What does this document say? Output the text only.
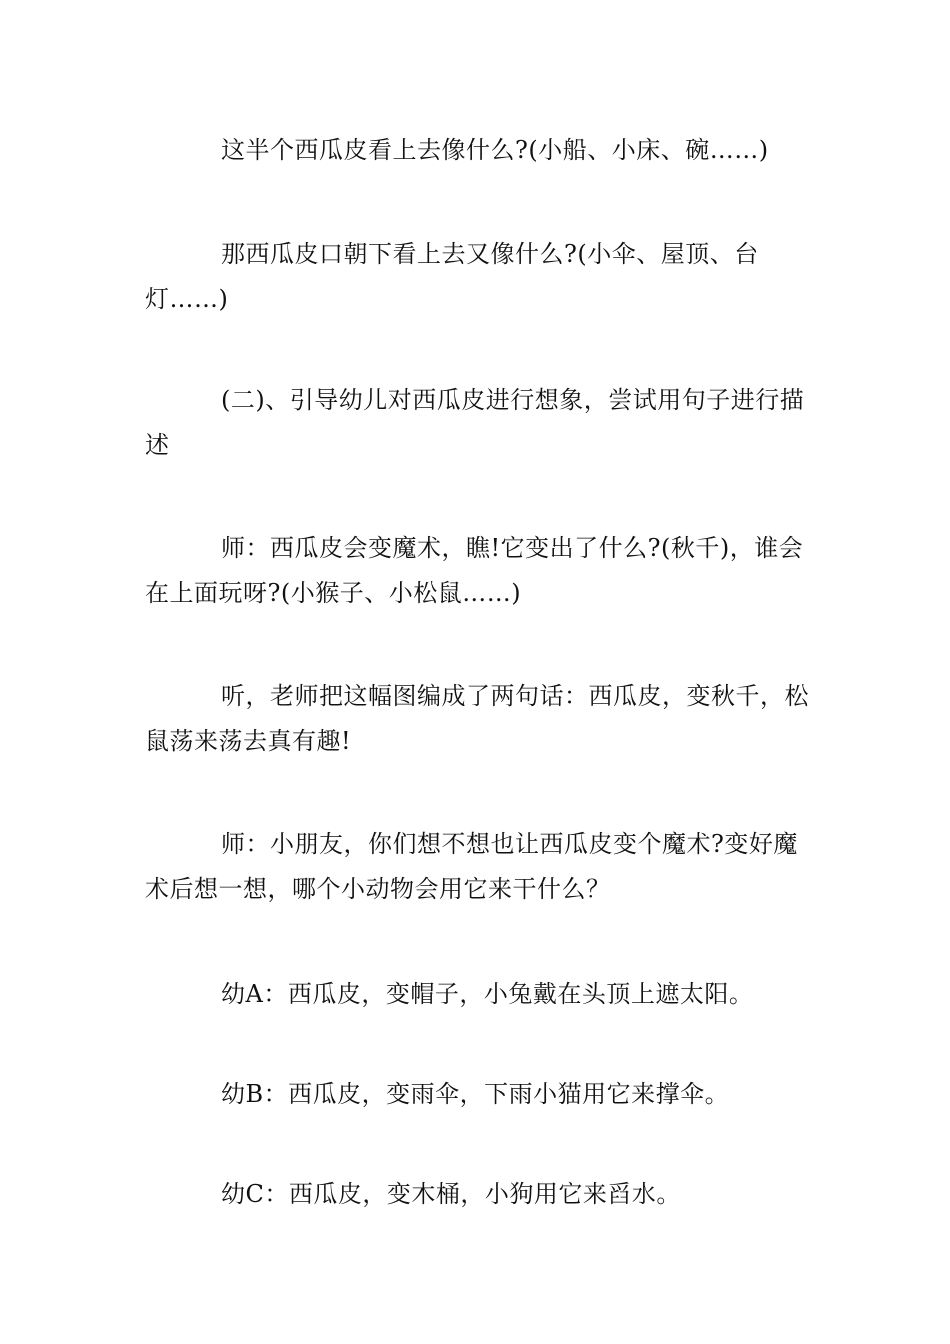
这半个西瓜皮看上去像什么?(小船、小床、碗……)

那西瓜皮口朝下看上去又像什么?(小伞、屋顶、台灯……)

(二)、引导幼儿对西瓜皮进行想象，尝试用句子进行描述

师：西瓜皮会变魔术，瞧!它变出了什么?(秋千)，谁会在上面玩呀?(小猴子、小松鼠……)

听，老师把这幅图编成了两句话：西瓜皮，变秋千，松鼠荡来荡去真有趣!

师：小朋友，你们想不想也让西瓜皮变个魔术?变好魔术后想一想，哪个小动物会用它来干什么？

幼A：西瓜皮，变帽子，小兔戴在头顶上遮太阳。

幼B：西瓜皮，变雨伞，下雨小猫用它来撑伞。

幼C：西瓜皮，变木桶，小狗用它来舀水。
